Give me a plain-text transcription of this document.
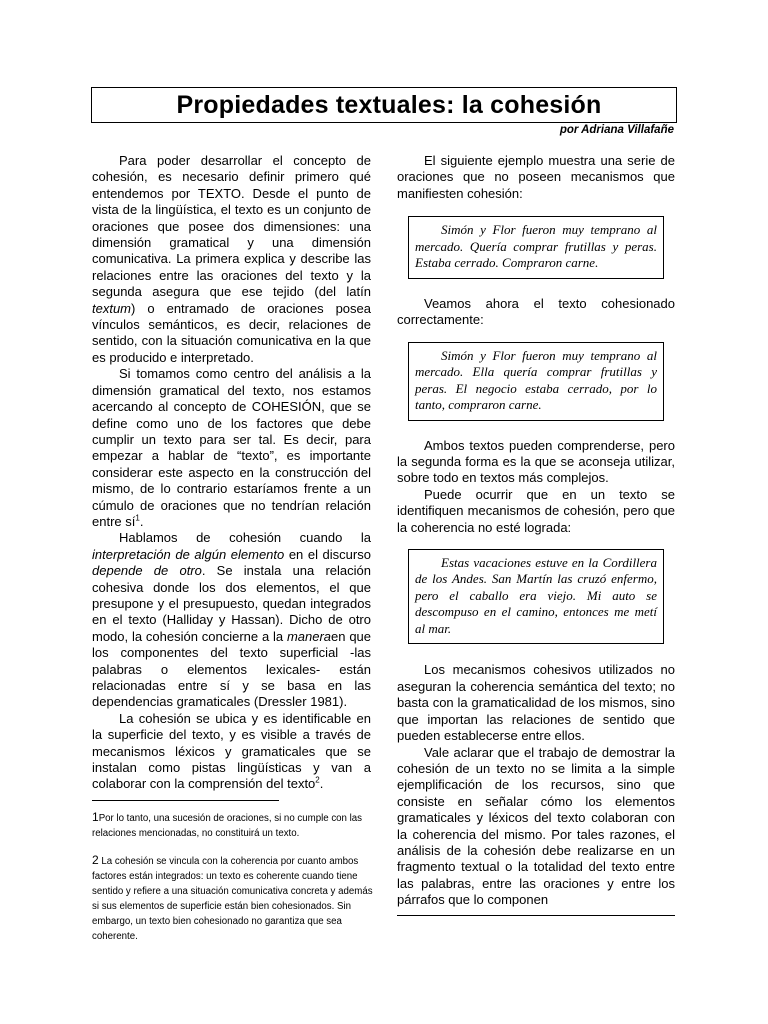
Propiedades textuales: la cohesión
por Adriana Villafañe

Para poder desarrollar el concepto de cohesión, es necesario definir primero qué entendemos por TEXTO. Desde el punto de vista de la lingüística, el texto es un conjunto de oraciones que posee dos dimensiones: una dimensión gramatical y una dimensión comunicativa. La primera explica y describe las relaciones entre las oraciones del texto y la segunda asegura que ese tejido (del latín textum) o entramado de oraciones posea vínculos semánticos, es decir, relaciones de sentido, con la situación comunicativa en la que es producido e interpretado.

Si tomamos como centro del análisis a la dimensión gramatical del texto, nos estamos acercando al concepto de COHESIÓN, que se define como uno de los factores que debe cumplir un texto para ser tal. Es decir, para empezar a hablar de “texto”, es importante considerar este aspecto en la construcción del mismo, de lo contrario estaríamos frente a un cúmulo de oraciones que no tendrían relación entre $sí^1$.

Hablamos de cohesión cuando la interpretación de algún elemento en el discurso depende de otro. Se instala una relación cohesiva donde los dos elementos, el que presupone y el presupuesto, quedan integrados en el texto (Halliday y Hassan). Dicho de otro modo, la cohesión concierne a la maneraen que los componentes del texto superficial -las palabras o elementos lexicales- están relacionadas entre sí y se basa en las dependencias gramaticales (Dressler 1981).

La cohesión se ubica y es identificable en la superficie del texto, y es visible a través de mecanismos léxicos y gramaticales que se instalan como pistas lingüísticas y van a colaborar con la comprensión del texto$^2$.

1Por lo tanto, una sucesión de oraciones, si no cumple con las relaciones mencionadas, no constituirá un texto.
2 La cohesión se vincula con la coherencia por cuanto ambos factores están integrados: un texto es coherente cuando tiene sentido y refiere a una situación comunicativa concreta y además si sus elementos de superficie están bien cohesionados. Sin embargo, un texto bien cohesionado no garantiza que sea coherente.

El siguiente ejemplo muestra una serie de oraciones que no poseen mecanismos que manifiesten cohesión:

Simón y Flor fueron muy temprano al mercado. Quería comprar frutillas y peras. Estaba cerrado. Compraron carne.

Veamos ahora el texto cohesionado correctamente:

Simón y Flor fueron muy temprano al mercado. Ella quería comprar frutillas y peras. El negocio estaba cerrado, por lo tanto, compraron carne.

Ambos textos pueden comprenderse, pero la segunda forma es la que se aconseja utilizar, sobre todo en textos más complejos.

Puede ocurrir que en un texto se identifiquen mecanismos de cohesión, pero que la coherencia no esté lograda:

Estas vacaciones estuve en la Cordillera de los Andes. San Martín las cruzó enfermo, pero el caballo era viejo. Mi auto se descompuso en el camino, entonces me metí al mar.

Los mecanismos cohesivos utilizados no aseguran la coherencia semántica del texto; no basta con la gramaticalidad de los mismos, sino que importan las relaciones de sentido que pueden establecerse entre ellos.

Vale aclarar que el trabajo de demostrar la cohesión de un texto no se limita a la simple ejemplificación de los recursos, sino que consiste en señalar cómo los elementos gramaticales y léxicos del texto colaboran con la coherencia del mismo. Por tales razones, el análisis de la cohesión debe realizarse en un fragmento textual o la totalidad del texto entre las palabras, entre las oraciones y entre los párrafos que lo componen
